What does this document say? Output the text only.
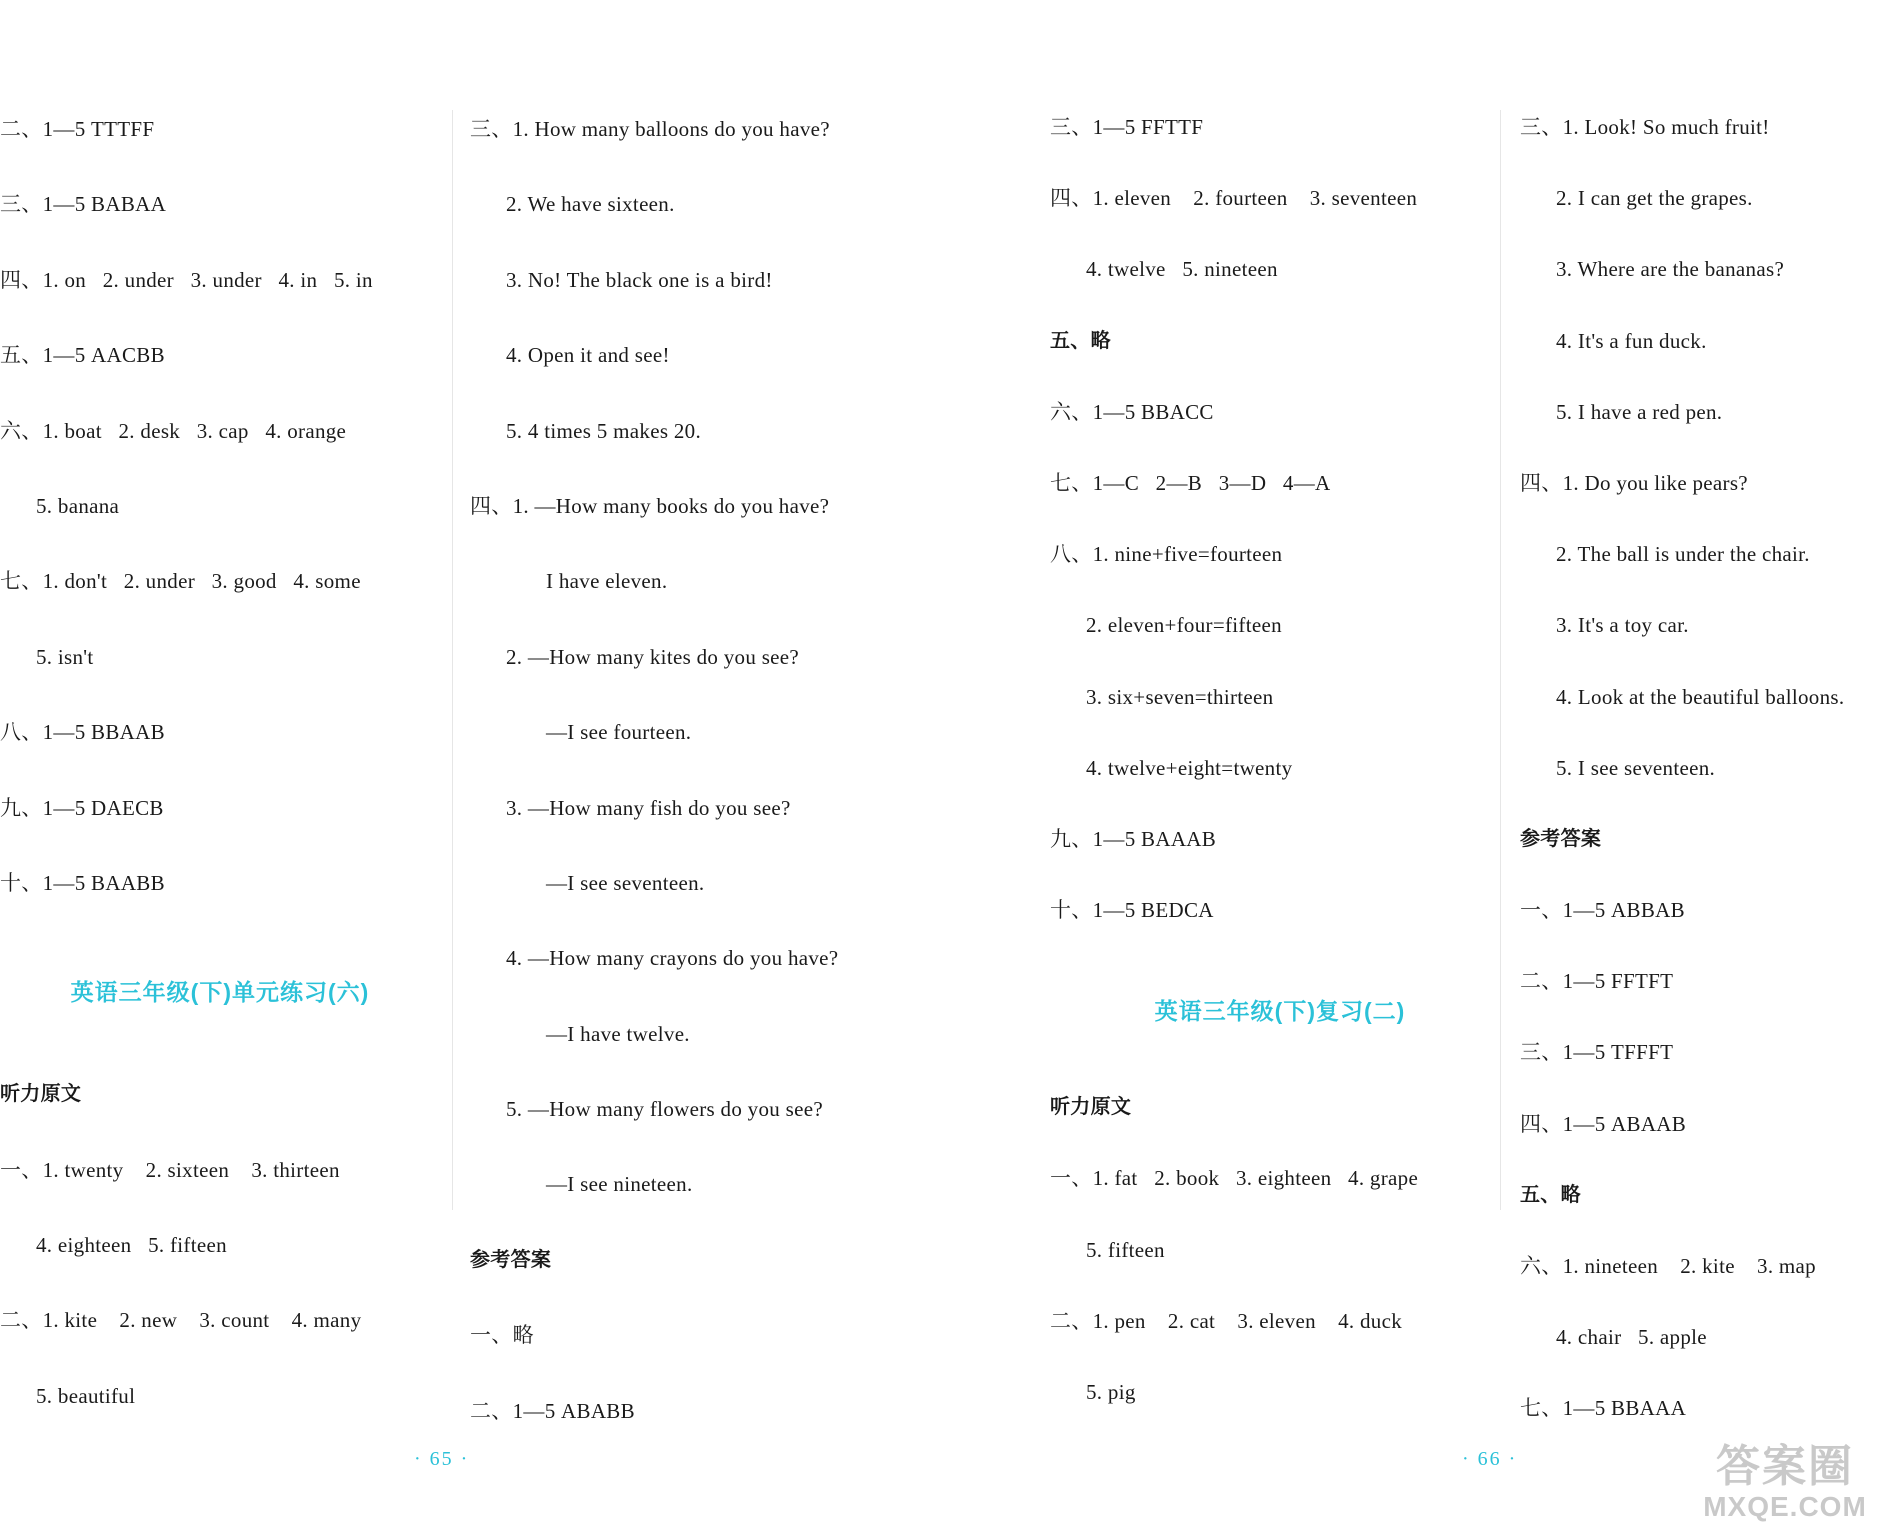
二、1—5 TTTFF
三、1—5 BABAA
四、1. on   2. under   3. under   4. in   5. in
五、1—5 AACBB
六、1. boat   2. desk   3. cap   4. orange
5. banana
七、1. don't   2. under   3. good   4. some
5. isn't
八、1—5 BBAAB
九、1—5 DAECB
十、1—5 BAABB
英语三年级(下)单元练习(六)
听力原文
一、1. twenty    2. sixteen    3. thirteen
4. eighteen   5. fifteen
二、1. kite    2. new    3. count    4. many
5. beautiful
三、1. How many balloons do you have?
2. We have sixteen.
3. No! The black one is a bird!
4. Open it and see!
5. 4 times 5 makes 20.
四、1. —How many books do you have?
I have eleven.
2. —How many kites do you see?
—I see fourteen.
3. —How many fish do you see?
—I see seventeen.
4. —How many crayons do you have?
—I have twelve.
5. —How many flowers do you see?
—I see nineteen.
参考答案
一、略
二、1—5 ABABB
· 65 ·
三、1—5 FFTTF
四、1. eleven    2. fourteen    3. seventeen
4. twelve   5. nineteen
五、略
六、1—5 BBACC
七、1—C   2—B   3—D   4—A
八、1. nine+five=fourteen
2. eleven+four=fifteen
3. six+seven=thirteen
4. twelve+eight=twenty
九、1—5 BAAAB
十、1—5 BEDCA
英语三年级(下)复习(二)
听力原文
一、1. fat   2. book   3. eighteen   4. grape
5. fifteen
二、1. pen    2. cat    3. eleven    4. duck
5. pig
三、1. Look! So much fruit!
2. I can get the grapes.
3. Where are the bananas?
4. It's a fun duck.
5. I have a red pen.
四、1. Do you like pears?
2. The ball is under the chair.
3. It's a toy car.
4. Look at the beautiful balloons.
5. I see seventeen.
参考答案
一、1—5 ABBAB
二、1—5 FFTFT
三、1—5 TFFFT
四、1—5 ABAAB
五、略
六、1. nineteen    2. kite    3. map
4. chair   5. apple
七、1—5 BBAAA
· 66 ·	答案圈
MXQE.COM
